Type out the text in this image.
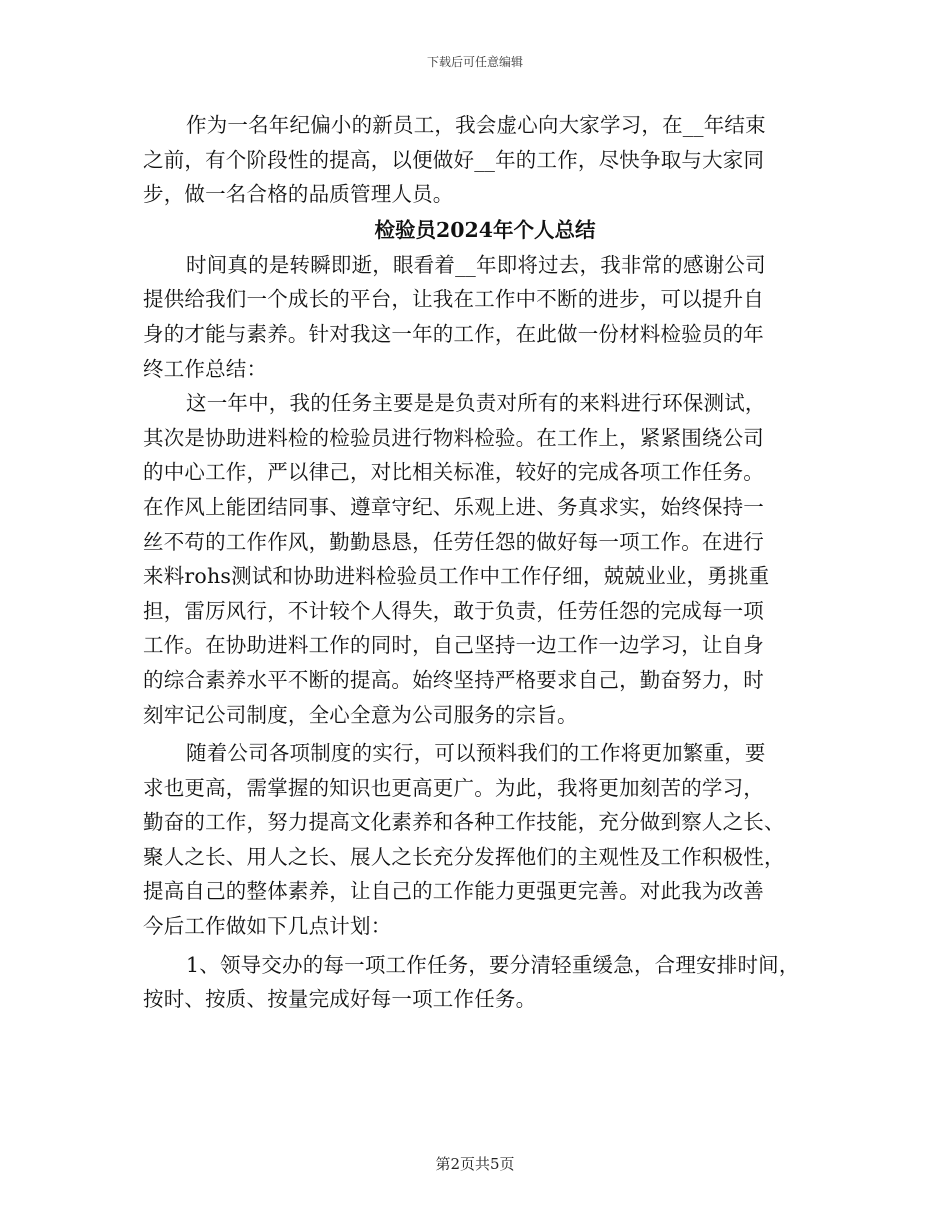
下载后可任意编辑
作为一名年纪偏小的新员工，我会虚心向大家学习，在__年结束
之前，有个阶段性的提高，以便做好__年的工作，尽快争取与大家同
步，做一名合格的品质管理人员。
检验员2024年个人总结
时间真的是转瞬即逝，眼看着__年即将过去，我非常的感谢公司
提供给我们一个成长的平台，让我在工作中不断的进步，可以提升自
身的才能与素养。针对我这一年的工作，在此做一份材料检验员的年
终工作总结：
这一年中，我的任务主要是是负责对所有的来料进行环保测试，
其次是协助进料检的检验员进行物料检验。在工作上，紧紧围绕公司
的中心工作，严以律己，对比相关标准，较好的完成各项工作任务。
在作风上能团结同事、遵章守纪、乐观上进、务真求实，始终保持一
丝不苟的工作作风，勤勤恳恳，任劳任怨的做好每一项工作。在进行
来料rohs测试和协助进料检验员工作中工作仔细，兢兢业业，勇挑重
担，雷厉风行，不计较个人得失，敢于负责，任劳任怨的完成每一项
工作。在协助进料工作的同时，自己坚持一边工作一边学习，让自身
的综合素养水平不断的提高。始终坚持严格要求自己，勤奋努力，时
刻牢记公司制度，全心全意为公司服务的宗旨。
随着公司各项制度的实行，可以预料我们的工作将更加繁重，要
求也更高，需掌握的知识也更高更广。为此，我将更加刻苦的学习，
勤奋的工作，努力提高文化素养和各种工作技能，充分做到察人之长、
聚人之长、用人之长、展人之长充分发挥他们的主观性及工作积极性，
提高自己的整体素养，让自己的工作能力更强更完善。对此我为改善
今后工作做如下几点计划：
1、领导交办的每一项工作任务，要分清轻重缓急，合理安排时间，
按时、按质、按量完成好每一项工作任务。
第2页共5页
